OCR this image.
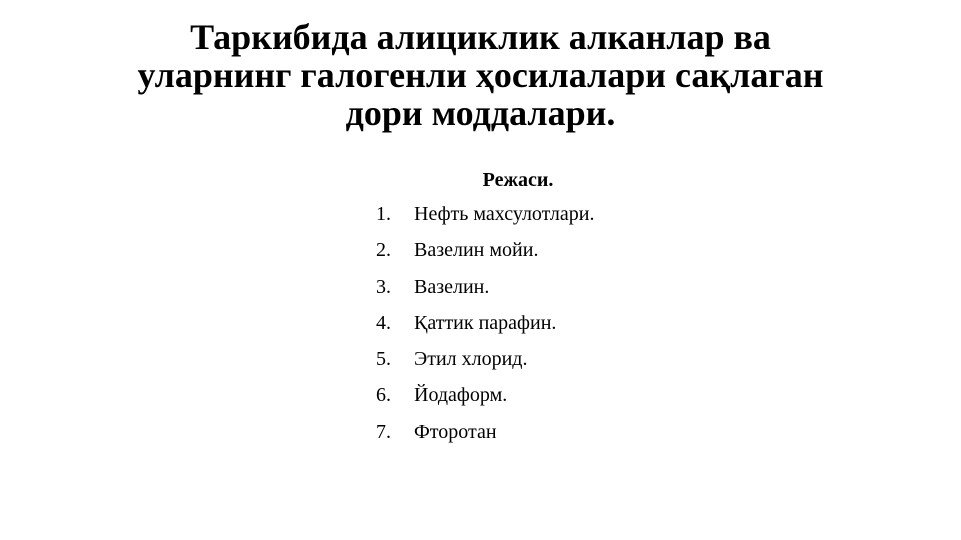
Таркибида алициклик алканлар ва
уларнинг галогенли ҳосилалари сақлаган
дори моддалари.

Режаси.

1.	Нефть махсулотлари.
2.	Вазелин мойи.
3.	Вазелин.
4.	Қаттик парафин.
5.	Этил хлорид.
6.	Йодаформ.
7.	Фторотан
